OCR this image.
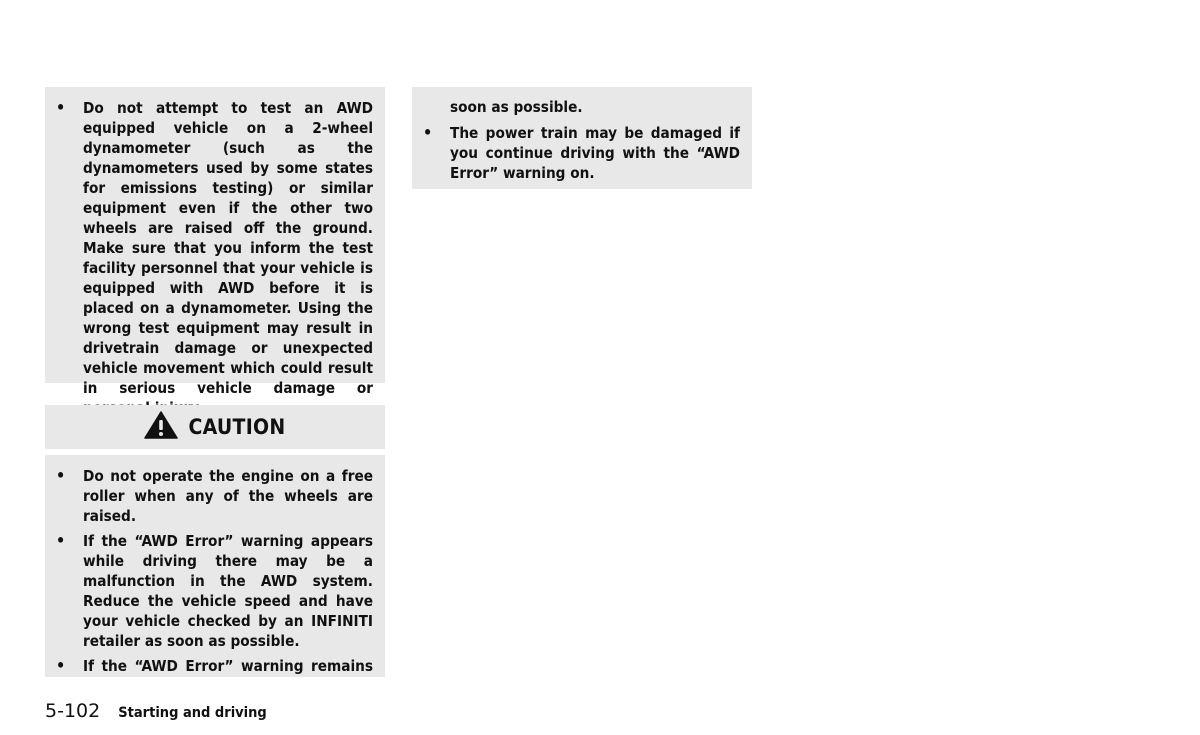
• Do not attempt to test an AWD equipped vehicle on a 2-wheel dynamometer (such as the dynamometers used by some states for emissions testing) or similar equipment even if the other two wheels are raised off the ground. Make sure that you inform the test facility personnel that your vehicle is equipped with AWD before it is placed on a dynamometer. Using the wrong test equipment may result in drivetrain damage or unexpected vehicle movement which could result in serious vehicle damage or
CAUTION
• Do not operate the engine on a free roller when any of the wheels are raised.
• If the “AWD Error” warning appears while driving there may be a malfunction in the AWD system. Reduce the vehicle speed and have your vehicle checked by an INFINITI retailer as soon as possible.
• If the “AWD Error” warning remains

soon as possible.

• The power train may be damaged if you continue driving with the “AWD Error” warning on.
5-102 Starting and driving
